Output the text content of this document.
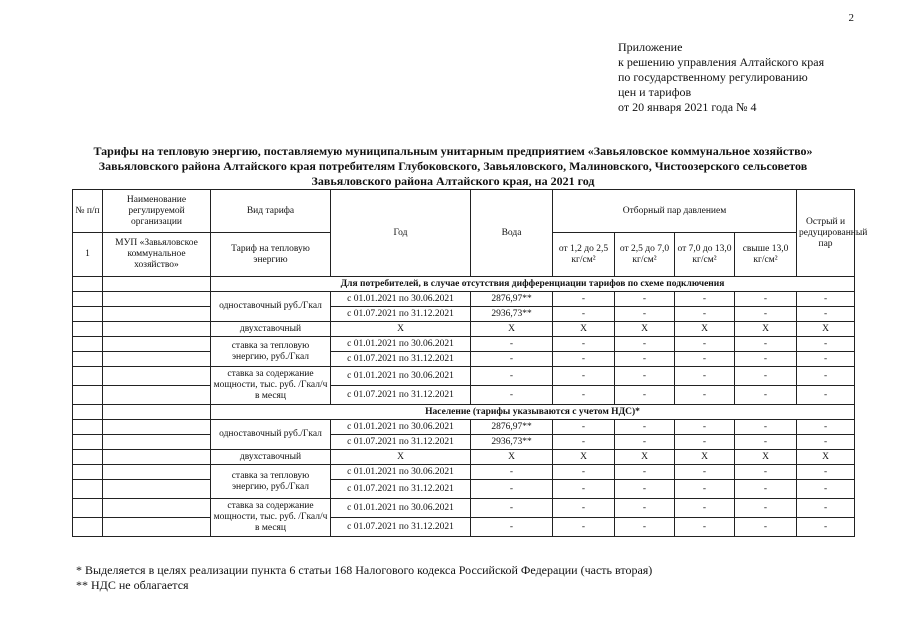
2
Приложение
к решению управления Алтайского края
по государственному регулированию
цен и тарифов
от 20 января 2021 года № 4
Тарифы на тепловую энергию, поставляемую муниципальным унитарным предприятием «Завьяловское коммунальное хозяйство»
Завьяловского района Алтайского края потребителям Глубоковского, Завьяловского, Малиновского, Чистоозерского сельсоветов
Завьяловского района Алтайского края, на 2021 год
№ п/п	Наименование регулируемой организации	Вид тарифа	Год	Вода	Отборный пар давлением				Острый и редуцированный пар
1	МУП «Завьяловское коммунальное хозяйство»	Тариф на тепловую энергию			от 1,2 до 2,5 кг/см²	от 2,5 до 7,0 кг/см²	от 7,0 до 13,0 кг/см²	свыше 13,0 кг/см²	
		Для потребителей, в случае отсутствия дифференциации тарифов по схеме подключения							
		одноставочный руб./Гкал	с 01.01.2021 по 30.06.2021	2876,97**	-	-	-	-	-
			с 01.07.2021 по 31.12.2021	2936,73**	-	-	-	-	-
		двухставочный	X	X	X	X	X	X	X
		ставка за тепловую энергию, руб./Гкал	с 01.01.2021 по 30.06.2021	-	-	-	-	-	-
			с 01.07.2021 по 31.12.2021	-	-	-	-	-	-
		ставка за содержание мощности, тыс. руб. /Гкал/ч в месяц	с 01.01.2021 по 30.06.2021	-	-	-	-	-	-
			с 01.07.2021 по 31.12.2021	-	-	-	-	-	-
		Население (тарифы указываются с учетом НДС)*							
		одноставочный руб./Гкал	с 01.01.2021 по 30.06.2021	2876,97**	-	-	-	-	-
			с 01.07.2021 по 31.12.2021	2936,73**	-	-	-	-	-
		двухставочный	X	X	X	X	X	X	X
		ставка за тепловую энергию, руб./Гкал	с 01.01.2021 по 30.06.2021	-	-	-	-	-	-
			с 01.07.2021 по 31.12.2021	-	-	-	-	-	-
		ставка за содержание мощности, тыс. руб. /Гкал/ч в месяц	с 01.01.2021 по 30.06.2021	-	-	-	-	-	-
			с 01.07.2021 по 31.12.2021	-	-	-	-	-	-
* Выделяется в целях реализации пункта 6 статьи 168 Налогового кодекса Российской Федерации (часть вторая)
** НДС не облагается
